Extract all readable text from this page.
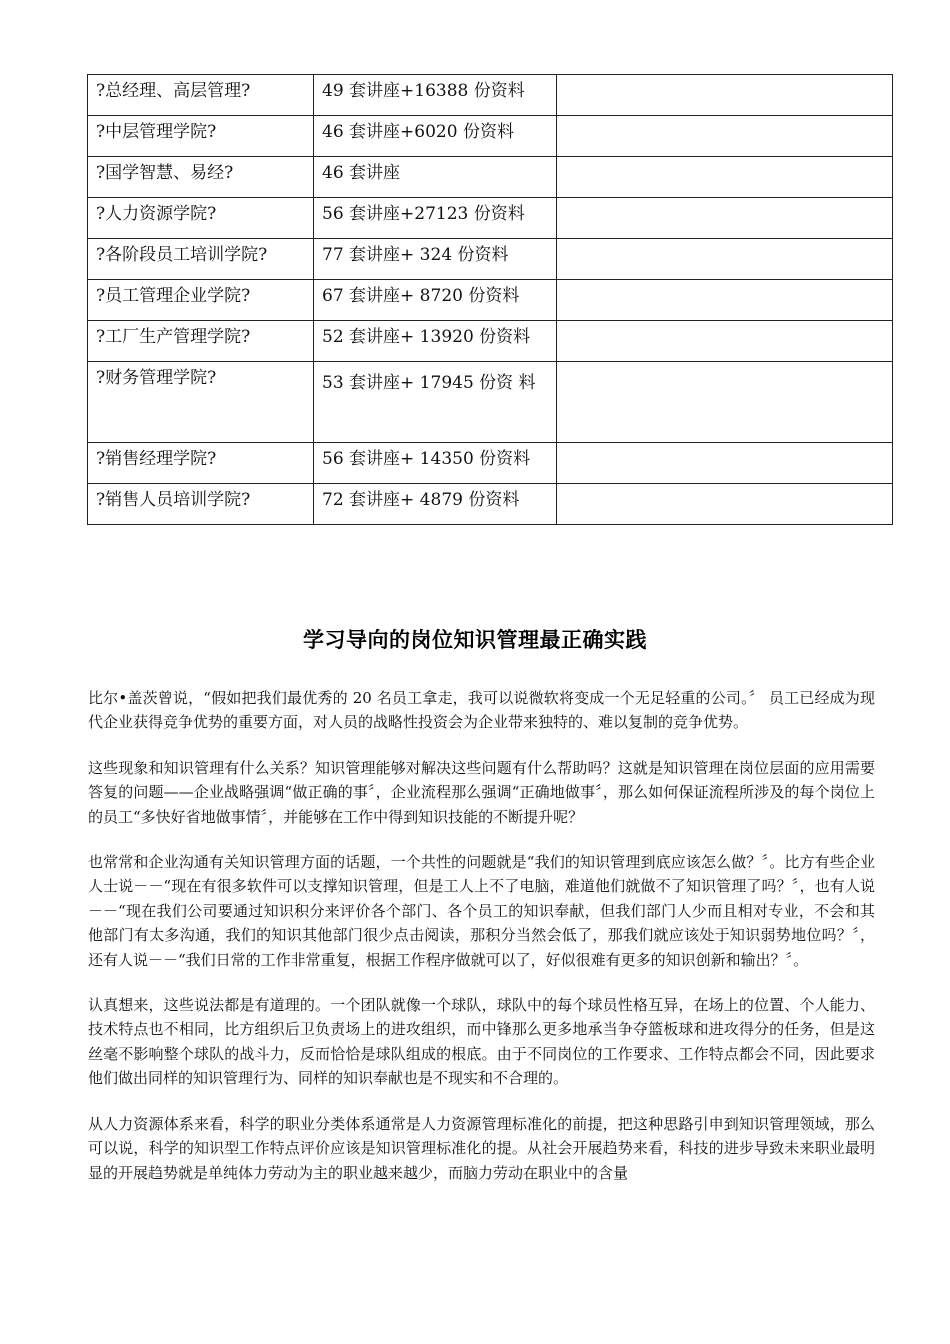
?总经理、高层管理?	49 套讲座+16388 份资料	
?中层管理学院?	46 套讲座+6020 份资料	
?国学智慧、易经?	46 套讲座	
?人力资源学院?	56 套讲座+27123 份资料	
?各阶段员工培训学院?	77 套讲座+ 324 份资料	
?员工管理企业学院?	67 套讲座+ 8720 份资料	
?工厂生产管理学院?	52 套讲座+ 13920 份资料	
?财务管理学院?	53 套讲座+ 17945 份资 料	
?销售经理学院?	56 套讲座+ 14350 份资料	
?销售人员培训学院?	72 套讲座+ 4879 份资料	
学习导向的岗位知识管理最正确实践

比尔•盖茨曾说，“假如把我们最优秀的 20 名员工拿走，我可以说微软将变成一个无足轻重的公司。〞 员工已经成为现代企业获得竞争优势的重要方面，对人员的战略性投资会为企业带来独特的、难以复制的竞争优势。

这些现象和知识管理有什么关系？知识管理能够对解决这些问题有什么帮助吗？这就是知识管理在岗位层面的应用需要答复的问题——企业战略强调“做正确的事〞，企业流程那么强调“正确地做事〞，那么如何保证流程所涉及的每个岗位上的员工“多快好省地做事情〞，并能够在工作中得到知识技能的不断提升呢？

也常常和企业沟通有关知识管理方面的话题，一个共性的问题就是“我们的知识管理到底应该怎么做？〞。比方有些企业人士说－－“现在有很多软件可以支撑知识管理，但是工人上不了电脑，难道他们就做不了知识管理了吗？〞，也有人说－－“现在我们公司要通过知识积分来评价各个部门、各个员工的知识奉献，但我们部门人少而且相对专业，不会和其他部门有太多沟通，我们的知识其他部门很少点击阅读，那积分当然会低了，那我们就应该处于知识弱势地位吗？〞，还有人说－－“我们日常的工作非常重复，根据工作程序做就可以了，好似很难有更多的知识创新和输出？〞。

认真想来，这些说法都是有道理的。一个团队就像一个球队，球队中的每个球员性格互异，在场上的位置、个人能力、技术特点也不相同，比方组织后卫负责场上的进攻组织，而中锋那么更多地承当争夺篮板球和进攻得分的任务，但是这丝毫不影响整个球队的战斗力，反而恰恰是球队组成的根底。由于不同岗位的工作要求、工作特点都会不同，因此要求他们做出同样的知识管理行为、同样的知识奉献也是不现实和不合理的。

从人力资源体系来看，科学的职业分类体系通常是人力资源管理标准化的前提，把这种思路引申到知识管理领域，那么可以说，科学的知识型工作特点评价应该是知识管理标准化的提。从社会开展趋势来看，科技的进步导致未来职业最明显的开展趋势就是单纯体力劳动为主的职业越来越少，而脑力劳动在职业中的含量
